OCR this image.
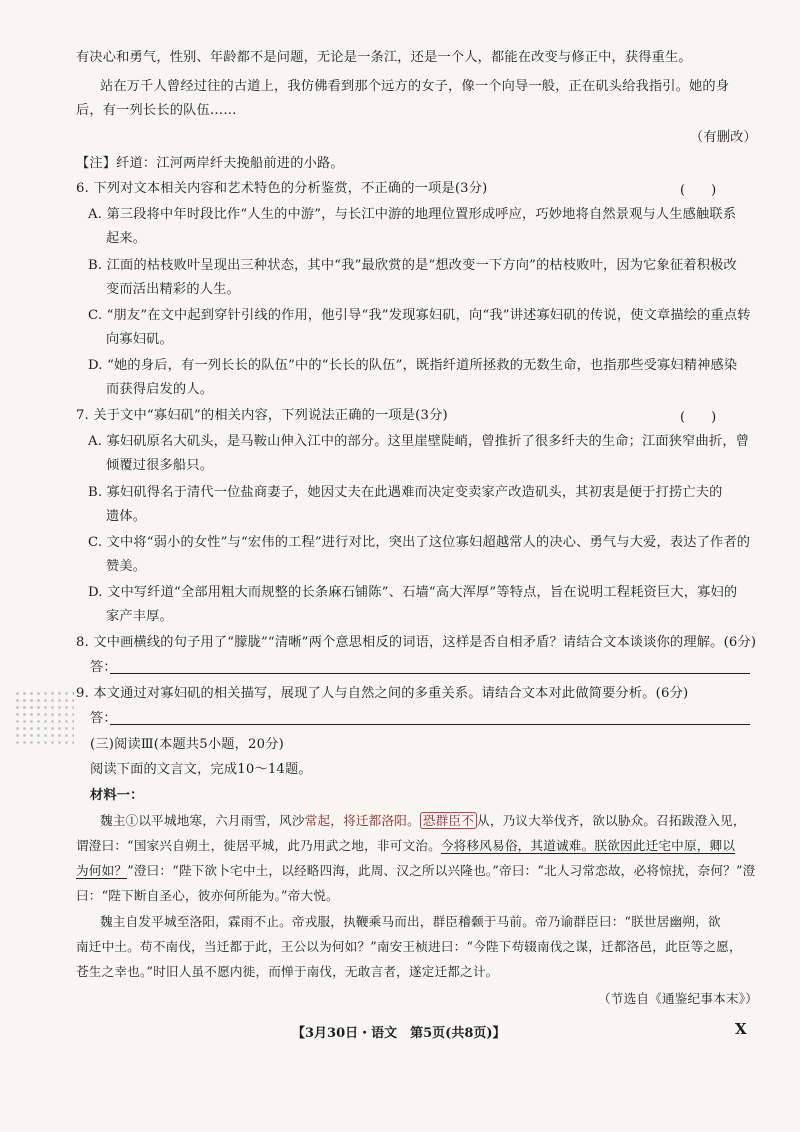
有决心和勇气，性别、年龄都不是问题，无论是一条江，还是一个人，都能在改变与修正中，获得重生。
站在万千人曾经过往的古道上，我仿佛看到那个远方的女子，像一个向导一般，正在矶头给我指引。她的身
后，有一列长长的队伍……
（有删改）
【注】纤道：江河两岸纤夫挽船前进的小路。
6. 下列对文本相关内容和艺术特色的分析鉴赏，不正确的一项是(3分)	(　　)
A. 第三段将中年时段比作“人生的中游”，与长江中游的地理位置形成呼应，巧妙地将自然景观与人生感触联系
起来。
B. 江面的枯枝败叶呈现出三种状态，其中“我”最欣赏的是“想改变一下方向”的枯枝败叶，因为它象征着积极改
变而活出精彩的人生。
C. “朋友”在文中起到穿针引线的作用，他引导“我”发现寡妇矶，向“我”讲述寡妇矶的传说，使文章描绘的重点转
向寡妇矶。
D. “她的身后，有一列长长的队伍”中的“长长的队伍”，既指纤道所拯救的无数生命，也指那些受寡妇精神感染
而获得启发的人。
7. 关于文中“寡妇矶”的相关内容，下列说法正确的一项是(3分)	(　　)
A. 寡妇矶原名大矶头，是马鞍山伸入江中的部分。这里崖壁陡峭，曾推折了很多纤夫的生命；江面狭窄曲折，曾
倾覆过很多船只。
B. 寡妇矶得名于清代一位盐商妻子，她因丈夫在此遇难而决定变卖家产改造矶头，其初衷是便于打捞亡夫的
遗体。
C. 文中将“弱小的女性”与“宏伟的工程”进行对比，突出了这位寡妇超越常人的决心、勇气与大爱，表达了作者的
赞美。
D. 文中写纤道“全部用粗大而规整的长条麻石铺陈”、石墙“高大浑厚”等特点，旨在说明工程耗资巨大，寡妇的
家产丰厚。
8. 文中画横线的句子用了“朦胧”“清晰”两个意思相反的词语，这样是否自相矛盾？请结合文本谈谈你的理解。(6分)
答：
9. 本文通过对寡妇矶的相关描写，展现了人与自然之间的多重关系。请结合文本对此做简要分析。(6分)
答：
(三)阅读Ⅲ(本题共5小题，20分)
阅读下面的文言文，完成10～14题。
材料一：
魏主①以平城地寒，六月雨雪，风沙常起，将迁都洛阳。 恐群臣不 从，乃议大举伐齐，欲以胁众。召拓跋澄入见，
谓澄曰：“国家兴自朔土，徙居平城，此乃用武之地，非可文治。今将移风易俗，其道诚难。朕欲因此迁宅中原，卿以
为何如？”澄曰：“陛下欲卜宅中土，以经略四海，此周、汉之所以兴隆也。”帝曰：“北人习常恋故，必将惊扰，奈何？”澄
曰：“陛下断自圣心，彼亦何所能为。”帝大悦。
魏主自发平城至洛阳，霖雨不止。帝戎服，执鞭乘马而出，群臣稽颡于马前。帝乃谕群臣曰：“朕世居幽朔，欲
南迁中土。苟不南伐，当迁都于此，王公以为何如？”南安王桢进曰：“今陛下苟辍南伐之谋，迁都洛邑，此臣等之愿，
苍生之幸也。”时旧人虽不愿内徙，而惮于南伐，无敢言者，遂定迁都之计。
（节选自《通鉴纪事本末》）
【3月30日・语文　第5页(共8页)】	X
